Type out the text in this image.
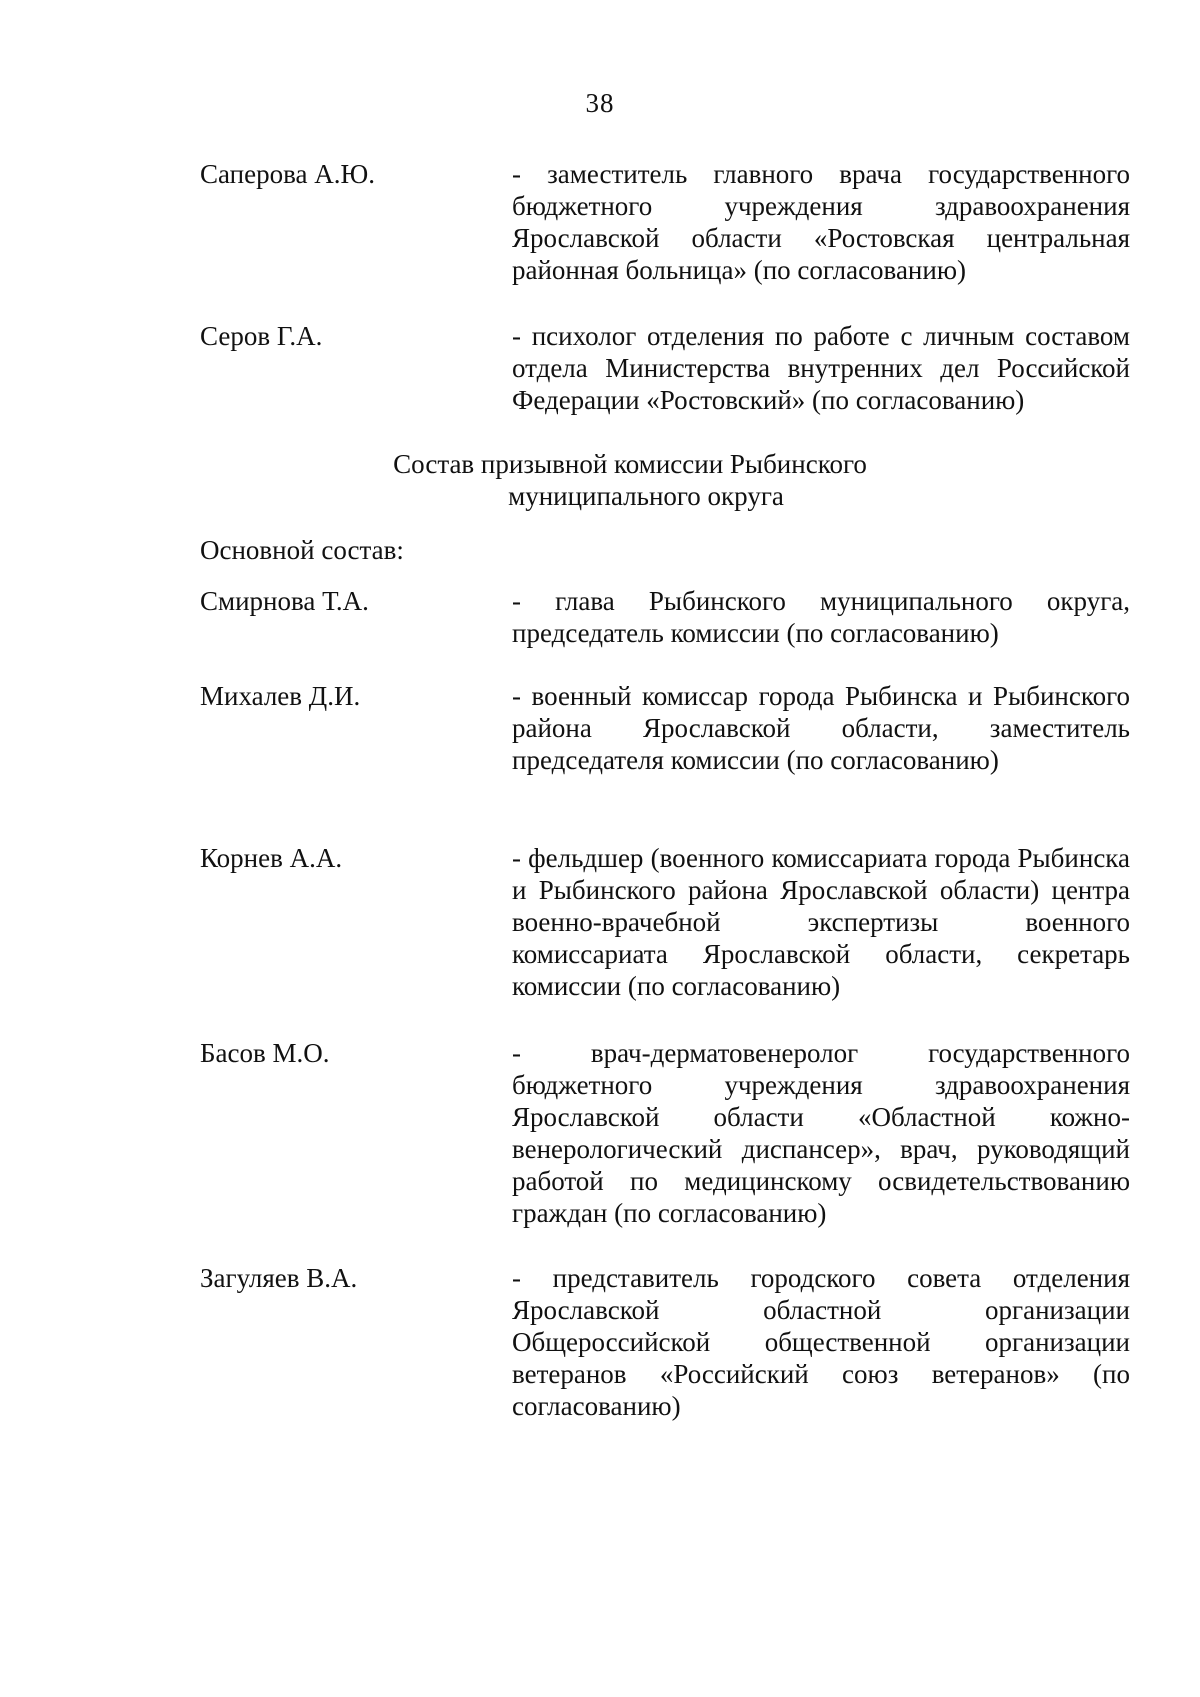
38
Саперова А.Ю.	- заместитель главного врача государственного бюджетного учреждения здравоохранения Ярославской области «Ростовская центральная районная больница» (по согласованию)
Серов Г.А.	- психолог отделения по работе с личным составом отдела Министерства внутренних дел Российской Федерации «Ростовский» (по согласованию)
Состав призывной комиссии Рыбинского
муниципального округа
Основной состав:
Смирнова Т.А.	- глава Рыбинского муниципального округа, председатель комиссии (по согласованию)
Михалев Д.И.	- военный комиссар города Рыбинска и Рыбинского района Ярославской области, заместитель председателя комиссии (по согласованию)
Корнев А.А.	- фельдшер (военного комиссариата города Рыбинска и Рыбинского района Ярославской области) центра военно-врачебной экспертизы военного комиссариата Ярославской области, секретарь комиссии (по согласованию)
Басов М.О.	- врач-дерматовенеролог государственного бюджетного учреждения здравоохранения Ярославской области «Областной кожно-венерологический диспансер», врач, руководящий работой по медицинскому освидетельствованию граждан (по согласованию)
Загуляев В.А.	- представитель городского совета отделения Ярославской областной организации Общероссийской общественной организации ветеранов «Российский союз ветеранов» (по согласованию)
